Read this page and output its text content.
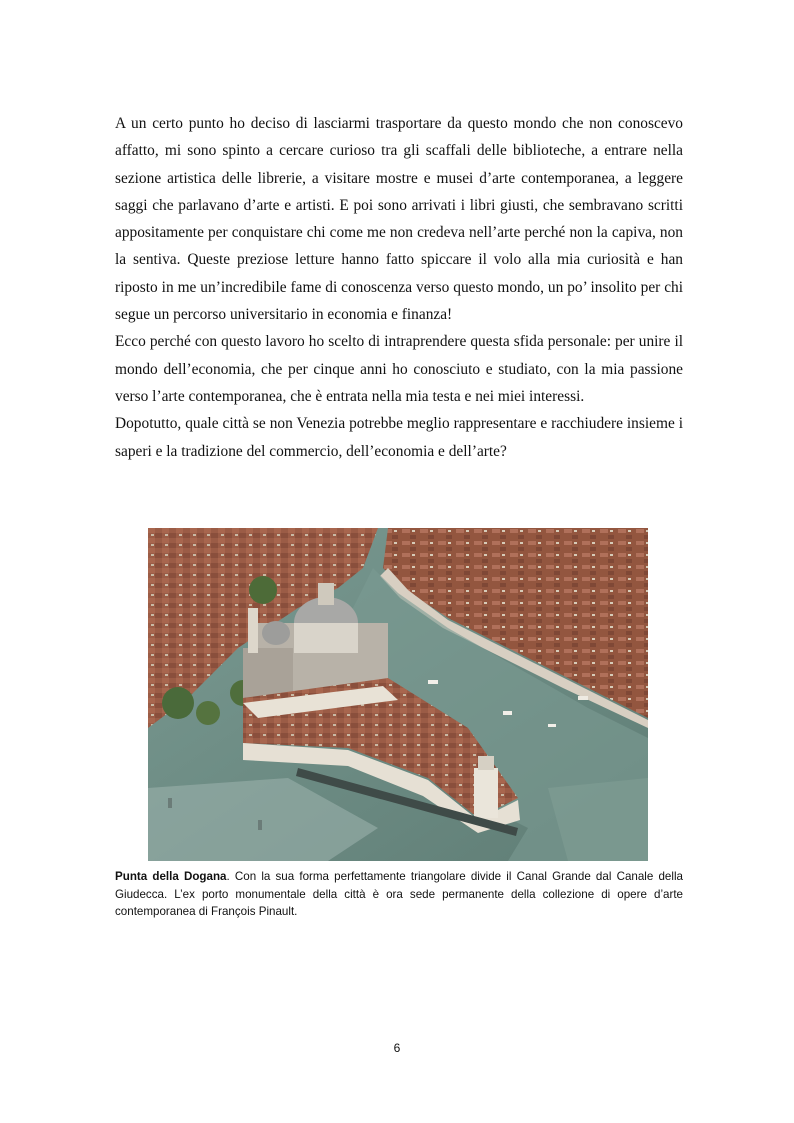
A un certo punto ho deciso di lasciarmi trasportare da questo mondo che non conoscevo affatto, mi sono spinto a cercare curioso tra gli scaffali delle biblioteche, a entrare nella sezione artistica delle librerie, a visitare mostre e musei d’arte contemporanea, a leggere saggi che parlavano d’arte e artisti. E poi sono arrivati i libri giusti, che sembravano scritti appositamente per conquistare chi come me non credeva nell’arte perché non la capiva, non la sentiva. Queste preziose letture hanno fatto spiccare il volo alla mia curiosità e han riposto in me un’incredibile fame di conoscenza verso questo mondo, un po’ insolito per chi segue un percorso universitario in economia e finanza!

Ecco perché con questo lavoro ho scelto di intraprendere questa sfida personale: per unire il mondo dell’economia, che per cinque anni ho conosciuto e studiato, con la mia passione verso l’arte contemporanea, che è entrata nella mia testa e nei miei interessi.

Dopotutto, quale città se non Venezia potrebbe meglio rappresentare e racchiudere insieme i saperi e la tradizione del commercio, dell’economia e dell’arte?

Punta della Dogana. Con la sua forma perfettamente triangolare divide il Canal Grande dal Canale della Giudecca. L’ex porto monumentale della città è ora sede permanente della collezione di opere d’arte contemporanea di François Pinault.
6
